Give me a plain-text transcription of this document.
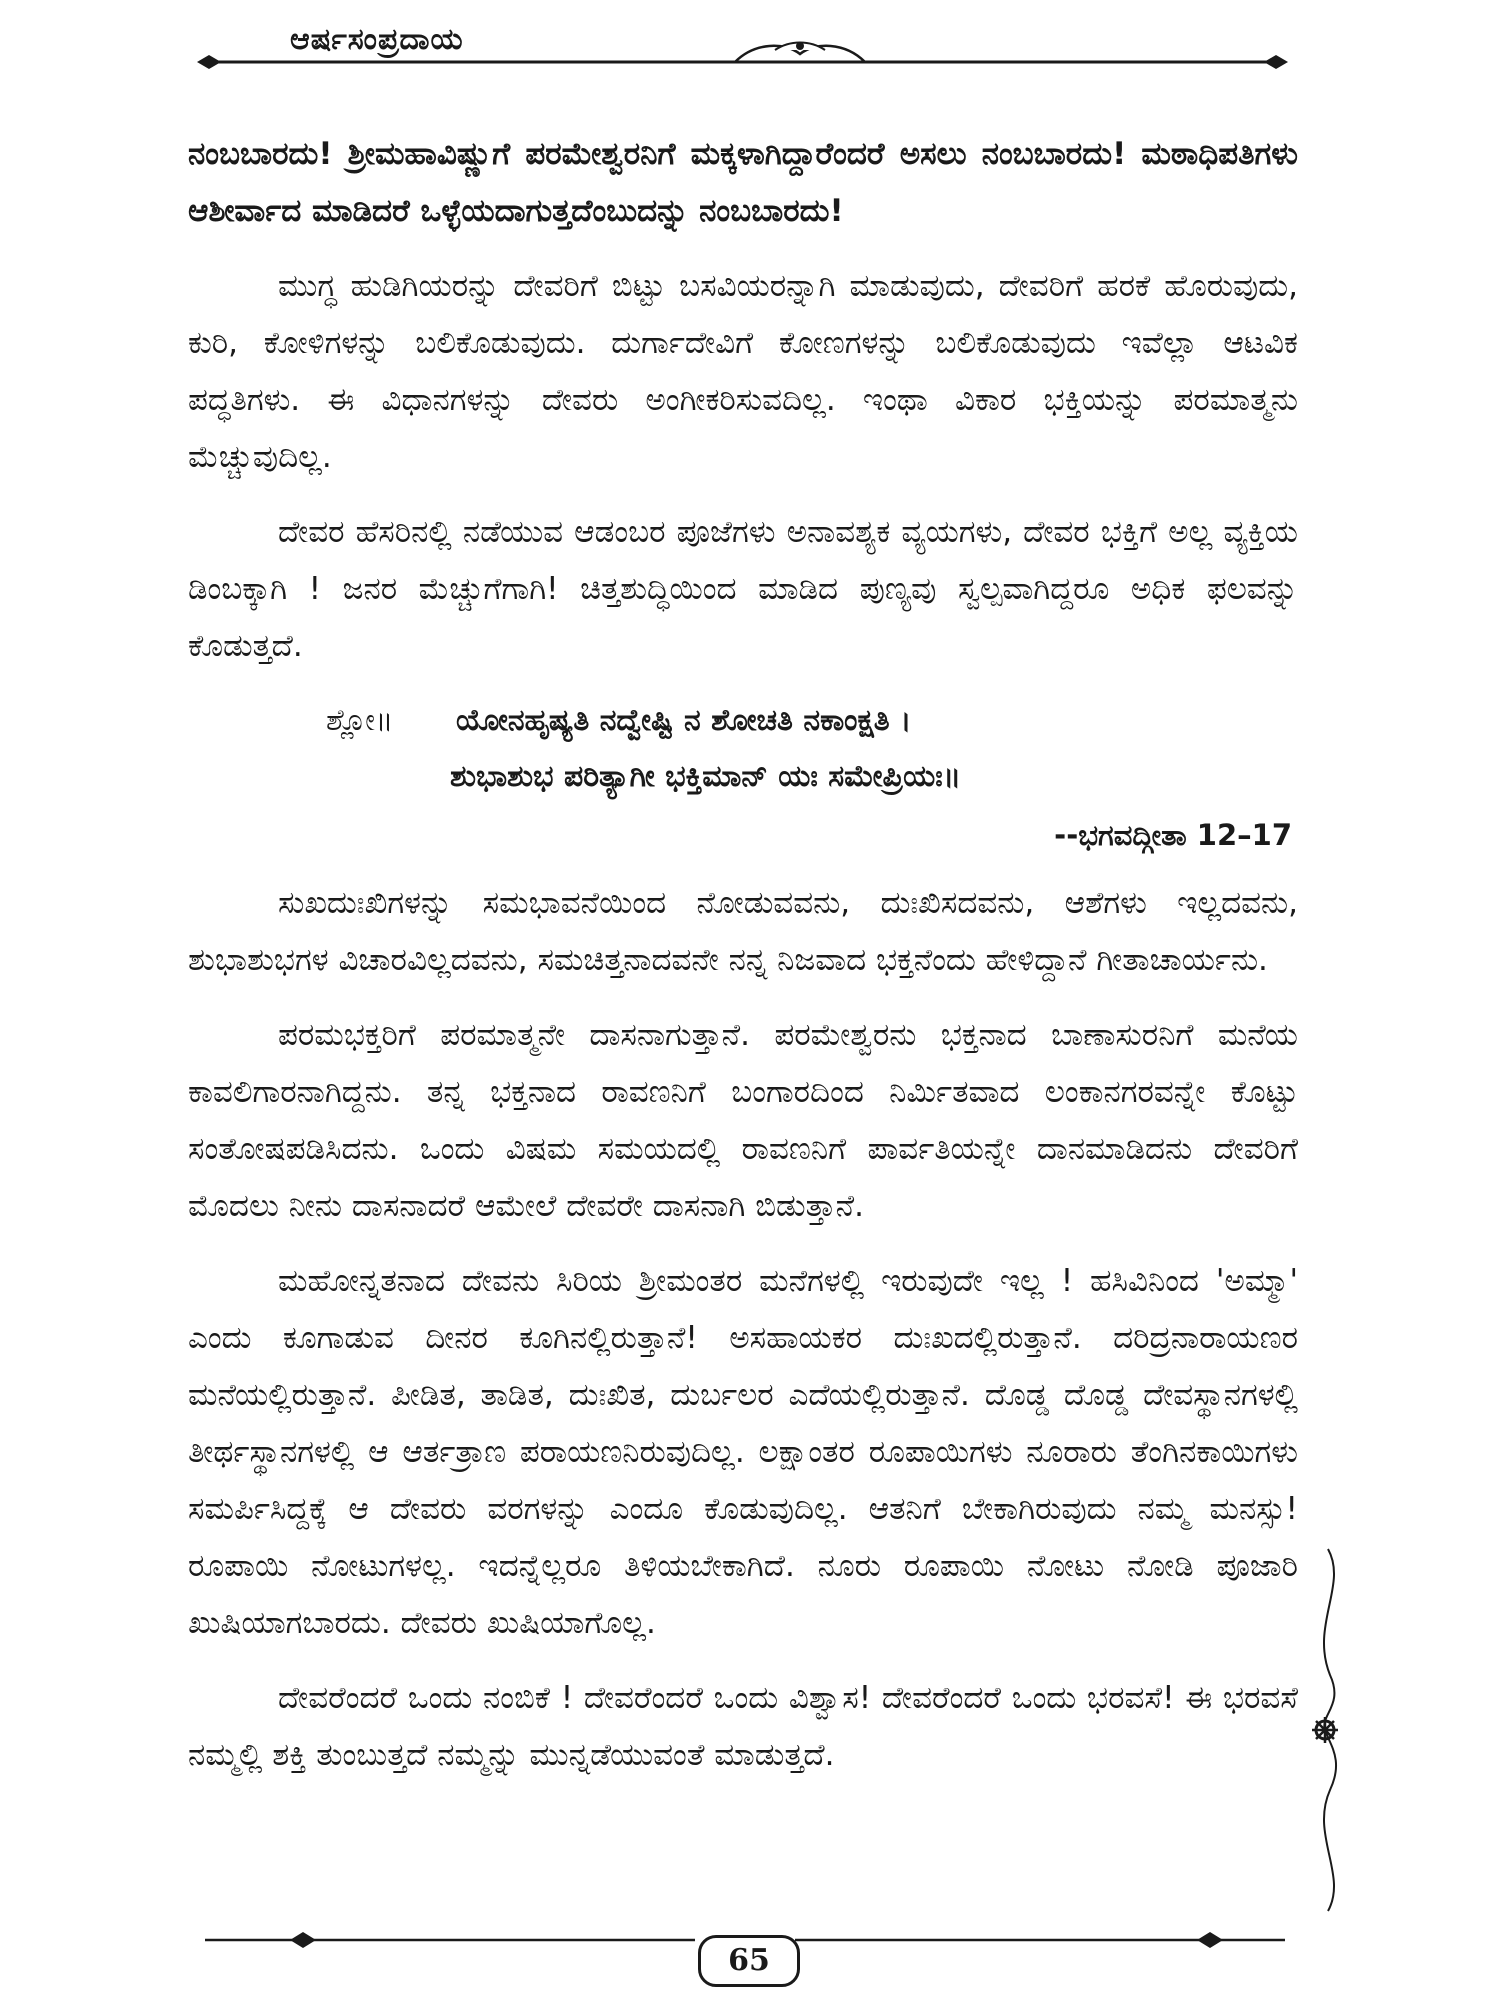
ಆರ್ಷಸಂಪ್ರದಾಯ

ನಂಬಬಾರದು! ಶ್ರೀಮಹಾವಿಷ್ಣುಗೆ ಪರಮೇಶ್ವರನಿಗೆ ಮಕ್ಕಳಾಗಿದ್ದಾರೆಂದರೆ ಅಸಲು ನಂಬಬಾರದು! ಮಠಾಧಿಪತಿಗಳು ಆಶೀರ್ವಾದ ಮಾಡಿದರೆ ಒಳ್ಳೆಯದಾಗುತ್ತದೆಂಬುದನ್ನು ನಂಬಬಾರದು!

ಮುಗ್ಧ ಹುಡಿಗಿಯರನ್ನು ದೇವರಿಗೆ ಬಿಟ್ಟು ಬಸವಿಯರನ್ನಾಗಿ ಮಾಡುವುದು, ದೇವರಿಗೆ ಹರಕೆ ಹೊರುವುದು, ಕುರಿ, ಕೋಳಿಗಳನ್ನು ಬಲಿಕೊಡುವುದು. ದುರ್ಗಾದೇವಿಗೆ ಕೋಣಗಳನ್ನು ಬಲಿಕೊಡುವುದು ಇವೆಲ್ಲಾ ಆಟವಿಕ ಪದ್ಧತಿಗಳು. ಈ ವಿಧಾನಗಳನ್ನು ದೇವರು ಅಂಗೀಕರಿಸುವದಿಲ್ಲ. ಇಂಥಾ ವಿಕಾರ ಭಕ್ತಿಯನ್ನು ಪರಮಾತ್ಮನು ಮೆಚ್ಚುವುದಿಲ್ಲ.

ದೇವರ ಹೆಸರಿನಲ್ಲಿ ನಡೆಯುವ ಆಡಂಬರ ಪೂಜೆಗಳು ಅನಾವಶ್ಯಕ ವ್ಯಯಗಳು, ದೇವರ ಭಕ್ತಿಗೆ ಅಲ್ಲ ವ್ಯಕ್ತಿಯ ಡಿಂಬಕ್ಕಾಗಿ ! ಜನರ ಮೆಚ್ಚುಗೆಗಾಗಿ! ಚಿತ್ತಶುದ್ಧಿಯಿಂದ ಮಾಡಿದ ಪುಣ್ಯವು ಸ್ವಲ್ಪವಾಗಿದ್ದರೂ ಅಧಿಕ ಫಲವನ್ನು ಕೊಡುತ್ತದೆ.

ಶ್ಲೋ॥ ಯೋನಹೃಷ್ಯತಿ ನದ್ವೇಷ್ಟಿ ನ ಶೋಚತಿ ನಕಾಂಕ್ಷತಿ ।

ಶುಭಾಶುಭ ಪರಿತ್ಯಾಗೀ ಭಕ್ತಿಮಾನ್ ಯಃ ಸಮೇಪ್ರಿಯಃ॥

--ಭಗವದ್ಗೀತಾ 12–17

ಸುಖದುಃಖಿಗಳನ್ನು ಸಮಭಾವನೆಯಿಂದ ನೋಡುವವನು, ದುಃಖಿಸದವನು, ಆಶೆಗಳು ಇಲ್ಲದವನು, ಶುಭಾಶುಭಗಳ ವಿಚಾರವಿಲ್ಲದವನು, ಸಮಚಿತ್ತನಾದವನೇ ನನ್ನ ನಿಜವಾದ ಭಕ್ತನೆಂದು ಹೇಳಿದ್ದಾನೆ ಗೀತಾಚಾರ್ಯನು.

ಪರಮಭಕ್ತರಿಗೆ ಪರಮಾತ್ಮನೇ ದಾಸನಾಗುತ್ತಾನೆ. ಪರಮೇಶ್ವರನು ಭಕ್ತನಾದ ಬಾಣಾಸುರನಿಗೆ ಮನೆಯ ಕಾವಲಿಗಾರನಾಗಿದ್ದನು. ತನ್ನ ಭಕ್ತನಾದ ರಾವಣನಿಗೆ ಬಂಗಾರದಿಂದ ನಿರ್ಮಿತವಾದ ಲಂಕಾನಗರವನ್ನೇ ಕೊಟ್ಟು ಸಂತೋಷಪಡಿಸಿದನು. ಒಂದು ವಿಷಮ ಸಮಯದಲ್ಲಿ ರಾವಣನಿಗೆ ಪಾರ್ವತಿಯನ್ನೇ ದಾನಮಾಡಿದನು ದೇವರಿಗೆ ಮೊದಲು ನೀನು ದಾಸನಾದರೆ ಆಮೇಲೆ ದೇವರೇ ದಾಸನಾಗಿ ಬಿಡುತ್ತಾನೆ.

ಮಹೋನ್ನತನಾದ ದೇವನು ಸಿರಿಯ ಶ್ರೀಮಂತರ ಮನೆಗಳಲ್ಲಿ ಇರುವುದೇ ಇಲ್ಲ ! ಹಸಿವಿನಿಂದ 'ಅಮ್ಮಾ' ಎಂದು ಕೂಗಾಡುವ ದೀನರ ಕೂಗಿನಲ್ಲಿರುತ್ತಾನೆ! ಅಸಹಾಯಕರ ದುಃಖದಲ್ಲಿರುತ್ತಾನೆ. ದರಿದ್ರನಾರಾಯಣರ ಮನೆಯಲ್ಲಿರುತ್ತಾನೆ. ಪೀಡಿತ, ತಾಡಿತ, ದುಃಖಿತ, ದುರ್ಬಲರ ಎದೆಯಲ್ಲಿರುತ್ತಾನೆ. ದೊಡ್ಡ ದೊಡ್ಡ ದೇವಸ್ಥಾನಗಳಲ್ಲಿ ತೀರ್ಥಸ್ಥಾನಗಳಲ್ಲಿ ಆ ಆರ್ತತ್ರಾಣ ಪರಾಯಣನಿರುವುದಿಲ್ಲ. ಲಕ್ಷಾಂತರ ರೂಪಾಯಿಗಳು ನೂರಾರು ತೆಂಗಿನಕಾಯಿಗಳು ಸಮರ್ಪಿಸಿದ್ದಕ್ಕೆ ಆ ದೇವರು ವರಗಳನ್ನು ಎಂದೂ ಕೊಡುವುದಿಲ್ಲ. ಆತನಿಗೆ ಬೇಕಾಗಿರುವುದು ನಮ್ಮ ಮನಸ್ಸು! ರೂಪಾಯಿ ನೋಟುಗಳಲ್ಲ. ಇದನ್ನೆಲ್ಲರೂ ತಿಳಿಯಬೇಕಾಗಿದೆ. ನೂರು ರೂಪಾಯಿ ನೋಟು ನೋಡಿ ಪೂಜಾರಿ ಖುಷಿಯಾಗಬಾರದು. ದೇವರು ಖುಷಿಯಾಗೊಲ್ಲ.

ದೇವರೆಂದರೆ ಒಂದು ನಂಬಿಕೆ ! ದೇವರೆಂದರೆ ಒಂದು ವಿಶ್ವಾಸ! ದೇವರೆಂದರೆ ಒಂದು ಭರವಸೆ! ಈ ಭರವಸೆ ನಮ್ಮಲ್ಲಿ ಶಕ್ತಿ ತುಂಬುತ್ತದೆ ನಮ್ಮನ್ನು ಮುನ್ನಡೆಯುವಂತೆ ಮಾಡುತ್ತದೆ.

65
